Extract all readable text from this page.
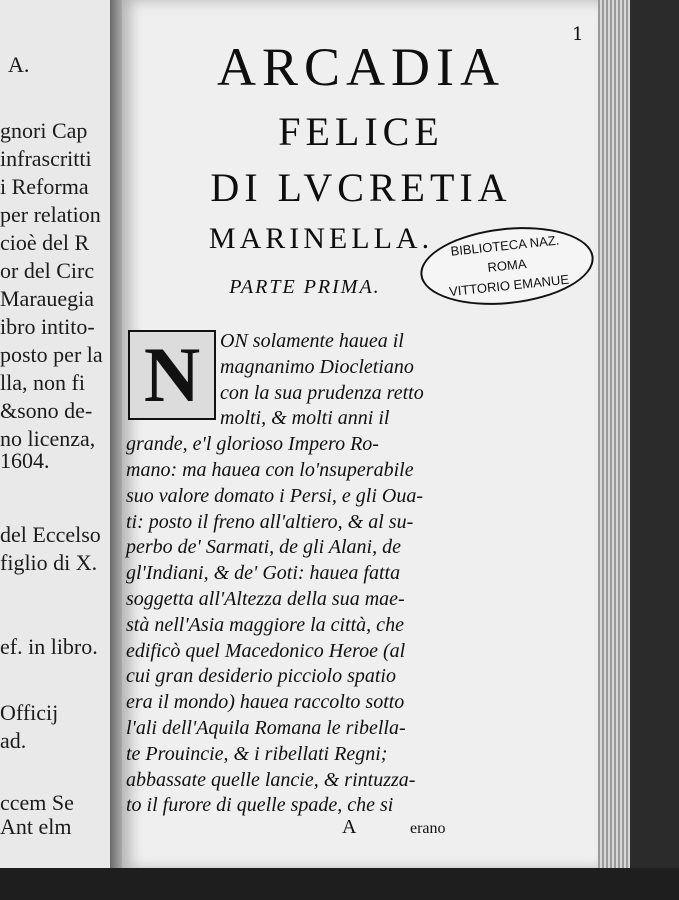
A.
gnori Cap
infrascritti
i Reforma
per relation
cioè del R
or del Circ
Marauegia
ibro intito-
posto per la
lla, non fi
&sono de-
no licenza,
1604.
del Eccelso
figlio di X.
ef. in libro.
Officij
ad.
ccem Se
Ant elm
1
ARCADIA
FELICE
DI LVCRETIA
MARINELLA.
PARTE PRIMA.
BIBLIOTECA NAZ.
ROMA
VITTORIO EMANUE
N ON solamente hauea il
magnanimo Diocletiano
con la sua prudenza retto
molti, & molti anni il
grande, e'l glorioso Impero Ro-
mano: ma hauea con lo'nsuperabile
suo valore domato i Persi, e gli Oua-
ti: posto il freno all'altiero, & al su-
perbo de' Sarmati, de gli Alani, de
gl'Indiani, & de' Goti: hauea fatta
soggetta all'Altezza della sua mae-
stà nell'Asia maggiore la città, che
edificò quel Macedonico Heroe (al
cui gran desiderio picciolo spatio
era il mondo) hauea raccolto sotto
l'ali dell'Aquila Romana le ribella-
te Prouincie, & i ribellati Regni;
abbassate quelle lancie, & rintuzza-
to il furore di quelle spade, che si
A	erano
